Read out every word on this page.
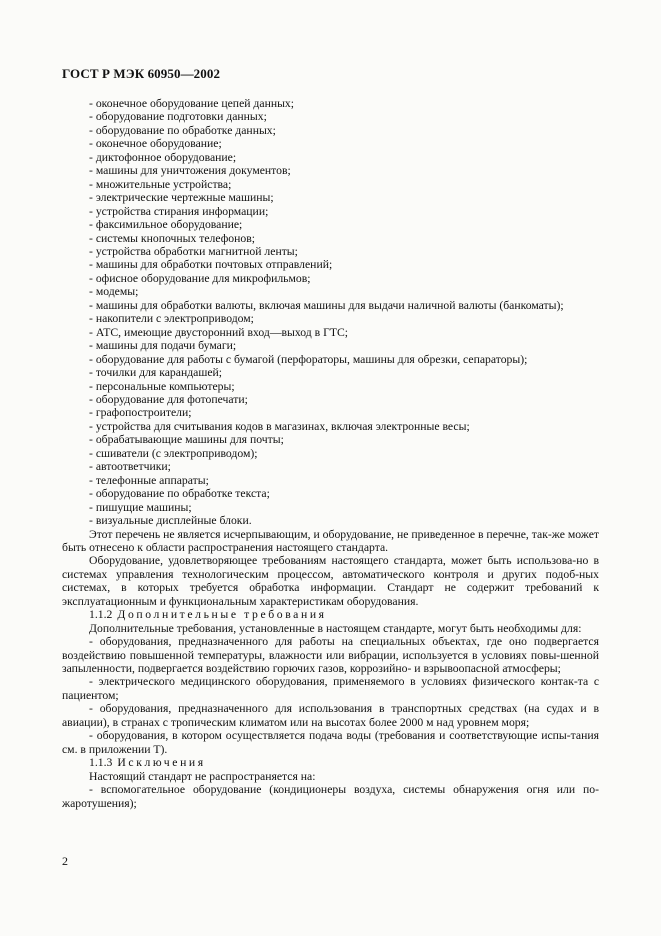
ГОСТ Р МЭК 60950—2002
- оконечное оборудование цепей данных;
- оборудование подготовки данных;
- оборудование по обработке данных;
- оконечное оборудование;
- диктофонное оборудование;
- машины для уничтожения документов;
- множительные устройства;
- электрические чертежные машины;
- устройства стирания информации;
- факсимильное оборудование;
- системы кнопочных телефонов;
- устройства обработки магнитной ленты;
- машины для обработки почтовых отправлений;
- офисное оборудование для микрофильмов;
- модемы;
- машины для обработки валюты, включая машины для выдачи наличной валюты (банкоматы);
- накопители с электроприводом;
- АТС, имеющие двусторонний вход—выход в ГТС;
- машины для подачи бумаги;
- оборудование для работы с бумагой (перфораторы, машины для обрезки, сепараторы);
- точилки для карандашей;
- персональные компьютеры;
- оборудование для фотопечати;
- графопостроители;
- устройства для считывания кодов в магазинах, включая электронные весы;
- обрабатывающие машины для почты;
- сшиватели (с электроприводом);
- автоответчики;
- телефонные аппараты;
- оборудование по обработке текста;
- пишущие машины;
- визуальные дисплейные блоки.

Этот перечень не является исчерпывающим, и оборудование, не приведенное в перечне, так-же может быть отнесено к области распространения настоящего стандарта.

Оборудование, удовлетворяющее требованиям настоящего стандарта, может быть использова-но в системах управления технологическим процессом, автоматического контроля и других подоб-ных системах, в которых требуется обработка информации. Стандарт не содержит требований к эксплуатационным и функциональным характеристикам оборудования.

1.1.2 Дополнительные требования

Дополнительные требования, установленные в настоящем стандарте, могут быть необходимы для:

- оборудования, предназначенного для работы на специальных объектах, где оно подвергается воздействию повышенной температуры, влажности или вибрации, используется в условиях повы-шенной запыленности, подвергается воздействию горючих газов, коррозийно- и взрывоопасной атмосферы;

- электрического медицинского оборудования, применяемого в условиях физического контак-та с пациентом;

- оборудования, предназначенного для использования в транспортных средствах (на судах и в авиации), в странах с тропическим климатом или на высотах более 2000 м над уровнем моря;

- оборудования, в котором осуществляется подача воды (требования и соответствующие испы-тания см. в приложении Т).

1.1.3 Исключения
Настоящий стандарт не распространяется на:

- вспомогательное оборудование (кондиционеры воздуха, системы обнаружения огня или по-жаротушения);

2
